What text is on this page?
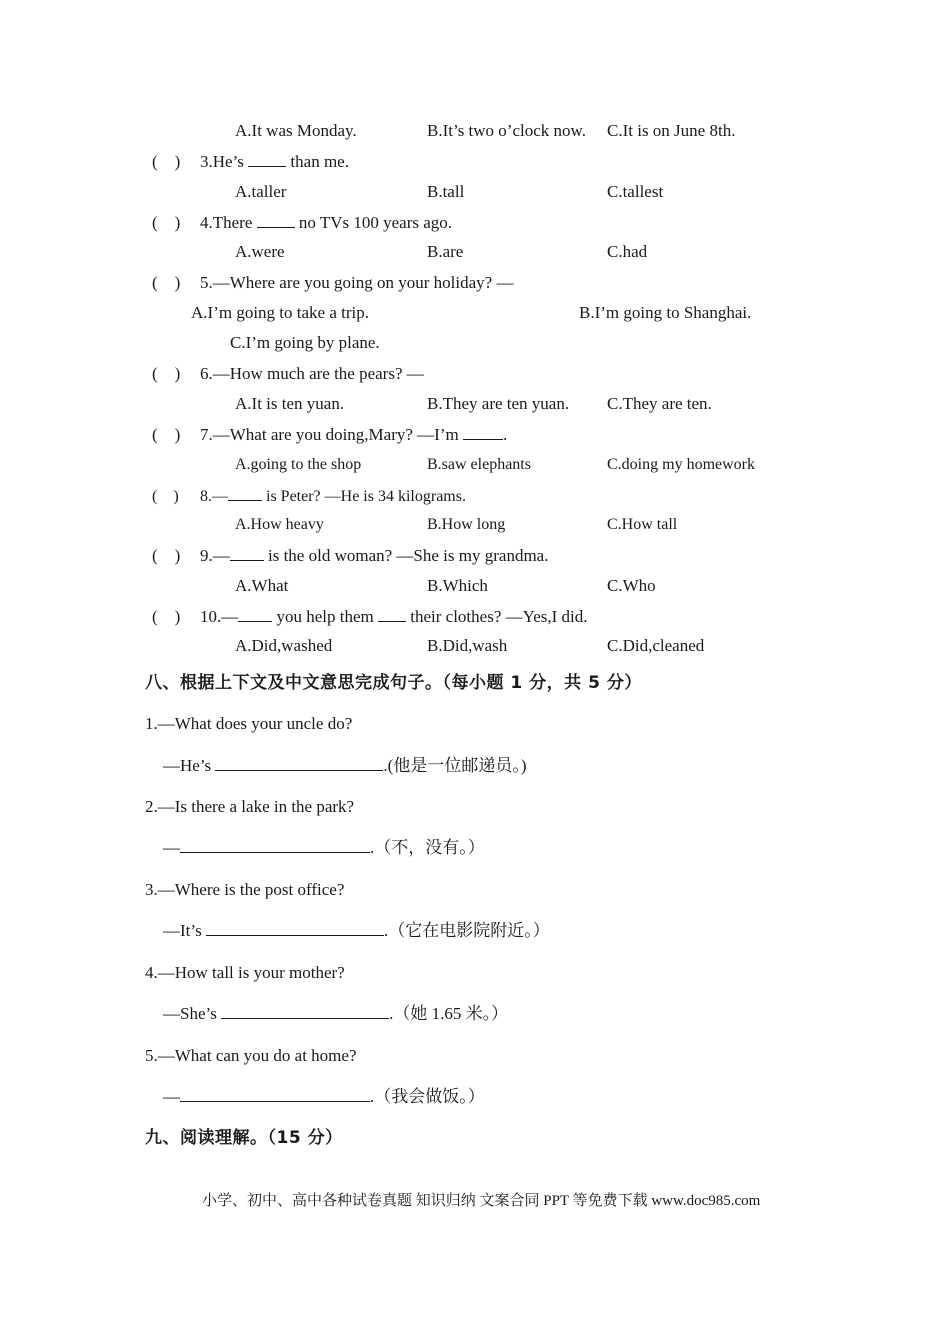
A.It was Monday.	B.It’s two o’clock now. C.It is on June 8th.
(　) 3.He’s  than me.
A.taller	B.tall	C.tallest
(　) 4.There  no TVs 100 years ago.
A.were	B.are	C.had
(　) 5.—Where are you going on your holiday? —
A.I’m going to take a trip.	B.I’m going to Shanghai.
C.I’m going by plane.
(　) 6.—How much are the pears? —
A.It is ten yuan.	B.They are ten yuan. C.They are ten.
(　) 7.—What are you doing,Mary? —I’m .
A.going to the shop	B.saw elephants	C.doing my homework
(　) 8.— is Peter? —He is 34 kilograms.
A.How heavy	B.How long	C.How tall
(　) 9.— is the old woman? —She is my grandma.
A.What	B.Which	C.Who
(　) 10.— you help them  their clothes? —Yes,I did.
A.Did,washed	B.Did,wash	C.Did,cleaned
八、根据上下文及中文意思完成句子。（每小题 1 分，共 5 分）
1.—What does your uncle do?
—He’s	.(他是一位邮递员。)
2.—Is there a lake in the park?
—	.（不，没有。）
3.—Where is the post office?
—It’s	.（它在电影院附近。）
4.—How tall is your mother?
—She’s	.（她 1.65 米。）
5.—What can you do at home?
—	.（我会做饭。）
九、阅读理解。（15 分）
小学、初中、高中各种试卷真题 知识归纳 文案合同 PPT 等免费下载 www.doc985.com
